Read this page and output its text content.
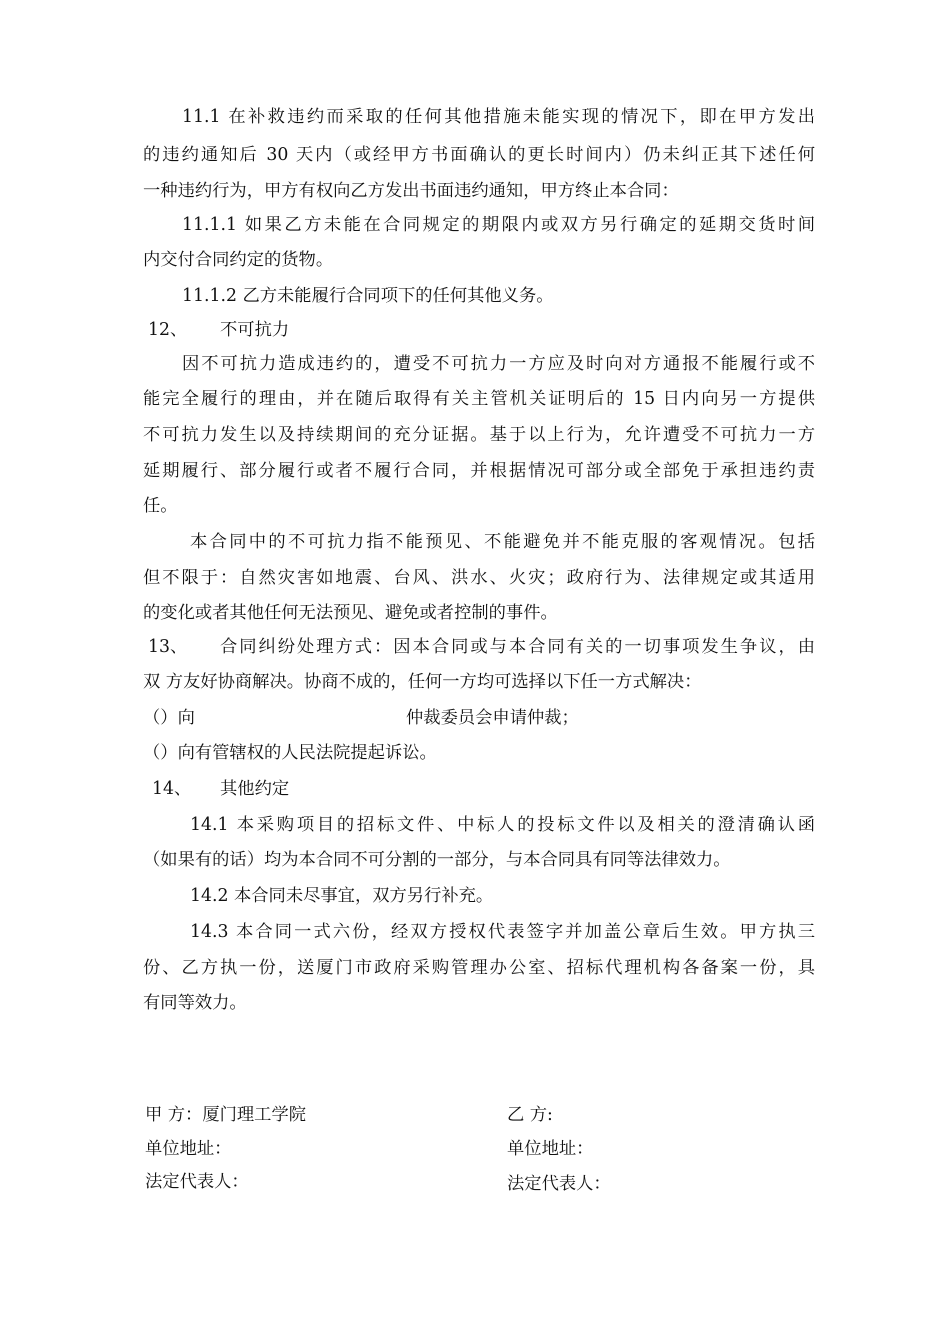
11.1 在补救违约而采取的任何其他措施未能实现的情况下，即在甲方发出
的违约通知后 30 天内（或经甲方书面确认的更长时间内）仍未纠正其下述任何
一种违约行为，甲方有权向乙方发出书面违约通知，甲方终止本合同：
11.1.1 如果乙方未能在合同规定的期限内或双方另行确定的延期交货时间
内交付合同约定的货物。
11.1.2 乙方未能履行合同项下的任何其他义务。
12、	不可抗力
因不可抗力造成违约的，遭受不可抗力一方应及时向对方通报不能履行或不
能完全履行的理由，并在随后取得有关主管机关证明后的 15 日内向另一方提供
不可抗力发生以及持续期间的充分证据。基于以上行为，允许遭受不可抗力一方
延期履行、部分履行或者不履行合同，并根据情况可部分或全部免于承担违约责
任。
本合同中的不可抗力指不能预见、不能避免并不能克服的客观情况。包括
但不限于：自然灾害如地震、台风、洪水、火灾；政府行为、法律规定或其适用
的变化或者其他任何无法预见、避免或者控制的事件。
13、	合同纠纷处理方式：因本合同或与本合同有关的一切事项发生争议，由
双 方友好协商解决。协商不成的，任何一方均可选择以下任一方式解决：
（）向	仲裁委员会申请仲裁；
（）向有管辖权的人民法院提起诉讼。
14、	其他约定
14.1 本采购项目的招标文件、中标人的投标文件以及相关的澄清确认函
（如果有的话）均为本合同不可分割的一部分，与本合同具有同等法律效力。
14.2 本合同未尽事宜，双方另行补充。
14.3 本合同一式六份，经双方授权代表签字并加盖公章后生效。甲方执三
份、乙方执一份，送厦门市政府采购管理办公室、招标代理机构各备案一份，具
有同等效力。
甲 方：厦门理工学院	乙 方:
单位地址：	单位地址：
法定代表人：	法定代表人：
